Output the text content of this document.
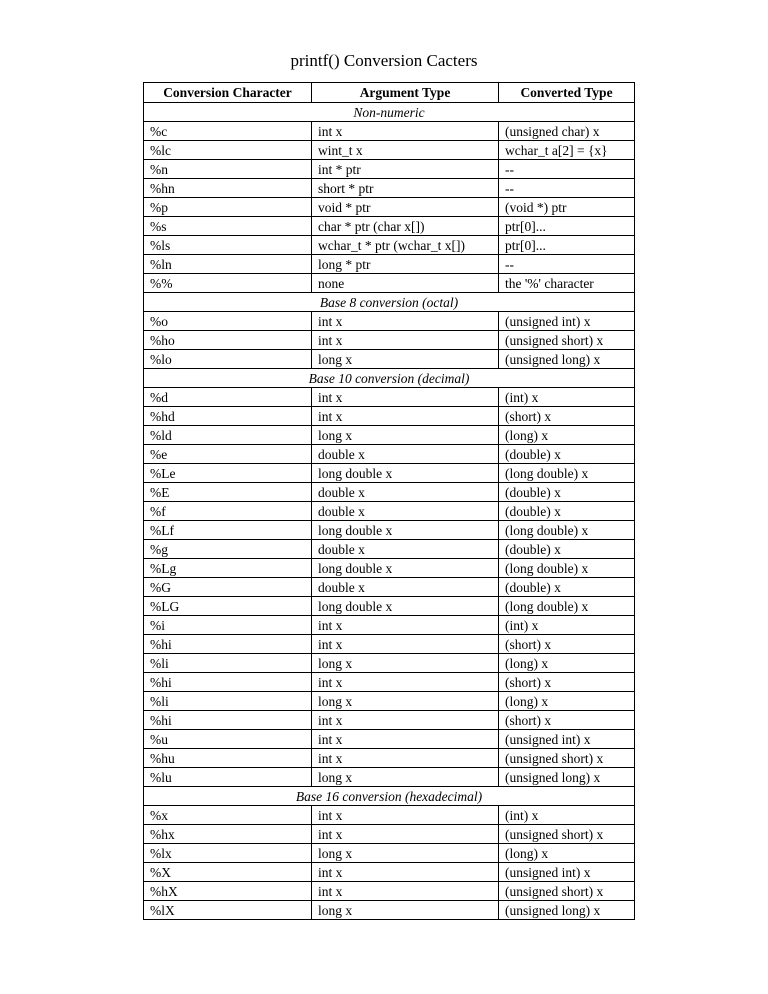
printf() Conversion Cacters
Conversion Character	Argument Type	Converted Type
Non-numeric		
%c	int x	(unsigned char) x
%lc	wint_t x	wchar_t a[2] = {x}
%n	int * ptr	--
%hn	short * ptr	--
%p	void * ptr	(void *) ptr
%s	char * ptr (char x[])	ptr[0]...
%ls	wchar_t * ptr (wchar_t x[])	ptr[0]...
%ln	long * ptr	--
%%	none	the '%' character
Base 8 conversion (octal)		
%o	int x	(unsigned int) x
%ho	int x	(unsigned short) x
%lo	long x	(unsigned long) x
Base 10 conversion (decimal)		
%d	int x	(int) x
%hd	int x	(short) x
%ld	long x	(long) x
%e	double x	(double) x
%Le	long double x	(long double) x
%E	double x	(double) x
%f	double x	(double) x
%Lf	long double x	(long double) x
%g	double x	(double) x
%Lg	long double x	(long double) x
%G	double x	(double) x
%LG	long double x	(long double) x
%i	int x	(int) x
%hi	int x	(short) x
%li	long x	(long) x
%hi	int x	(short) x
%li	long x	(long) x
%hi	int x	(short) x
%u	int x	(unsigned int) x
%hu	int x	(unsigned short) x
%lu	long x	(unsigned long) x
Base 16 conversion (hexadecimal)		
%x	int x	(int) x
%hx	int x	(unsigned short) x
%lx	long x	(long) x
%X	int x	(unsigned int) x
%hX	int x	(unsigned short) x
%lX	long x	(unsigned long) x
